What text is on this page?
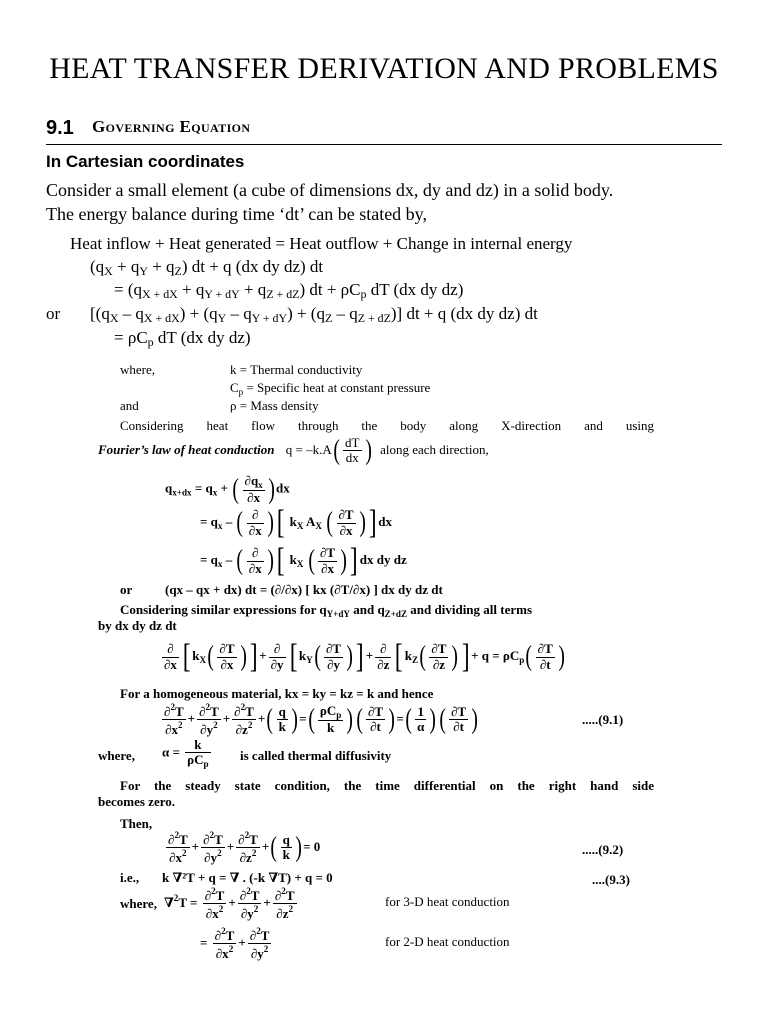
HEAT TRANSFER DERIVATION AND PROBLEMS
9.1 Governing Equation
In Cartesian coordinates
Consider a small element (a cube of dimensions dx, dy and dz) in a solid body.
The energy balance during time ‘dt’ can be stated by,
Heat inflow + Heat generated = Heat outflow + Change in internal energy
$(q_X + q_Y + q_Z)$ dt + q (dx dy dz) dt
= $(q_{X + dX} + q_{Y + dY} + q_{Z + dZ})$ dt + $\rho C_p$ dT (dx dy dz)
or $[(q_X - q_{X + dX}) + (q_Y - q_{Y + dY}) + (q_Z - q_{Z + dZ})]$ dt + q (dx dy dz) dt
= $\rho C_p$ dT (dx dy dz)
where,	k = Thermal conductivity
$C_p$ = Specific heat at constant pressure
and	ρ = Mass density
Considering heat flow through the body along X-direction and using
Fourier’s law of heat conduction $q = -k.A( \frac{dT}{dx}$ ) along each direction,
$q_{x+dx} = q_x$ + ( $\frac{\partial q_x}{\partial x} )dx$
= $q_x$ – ( $\frac{\partial}{\partial x}$ )[ $k_X$ $A_X$ ( $\frac{\partial T}{\partial x}$ )] dx
= $q_x$ – ( $\frac{\partial}{\partial x}$ )[ $k_X$ ( $\frac{\partial T}{\partial x}$ )] dx dy dz
or	(qx – qx + dx) dt = (∂/∂x) [ kx (∂T/∂x) ] dx dy dz dt
Considering similar expressions for $q_{Y+dY}$ and $q_{Z+dZ}$ and dividing all terms
by dx dy dz dt
$\frac{\partial}{\partial x}$ [ $k_X( \frac{\partial T}{\partial x}$ )] + $\frac{\partial}{\partial y}$ [ $k_Y( \frac{\partial T}{\partial y}$ )] + $\frac{\partial}{\partial z}$ [ $k_Z( \frac{\partial T}{\partial z}$ )] + $q = \rho C_p( \frac{\partial T}{\partial t}$ )
For a homogeneous material, kx = ky = kz = k and hence
$\frac{\partial^2T}{\partial x^2} + \frac{\partial^2T}{\partial y^2} + \frac{\partial^2T}{\partial z^2}$ +( $\frac{q}{k}$ )=( $\frac{\rho C_p}{k}$ )( $\frac{\partial T}{\partial t}$ )=( $\frac{1}{\alpha}$ )( $\frac{\partial T}{\partial t}$ )	.....(9.1)
where, $\alpha = \frac{k}{\rho C_p}$ is called thermal diffusivity
For the steady state condition, the time differential on the right hand side
becomes zero.
Then,
$\frac{\partial^2T}{\partial x^2} + \frac{\partial^2T}{\partial y^2} + \frac{\partial^2T}{\partial z^2}$ +( $\frac{q}{k}$ )= 0	.....(9.2)
i.e., k ∇²T + q = ∇ . (-k ∇T) + q = 0	....(9.3)
where, $\nabla^2T = \frac{\partial^2T}{\partial x^2} + \frac{\partial^2T}{\partial y^2} + \frac{\partial^2T}{\partial z^2}$	for 3-D heat conduction
= $\frac{\partial^2T}{\partial x^2} + \frac{\partial^2T}{\partial y^2}$	for 2-D heat conduction
